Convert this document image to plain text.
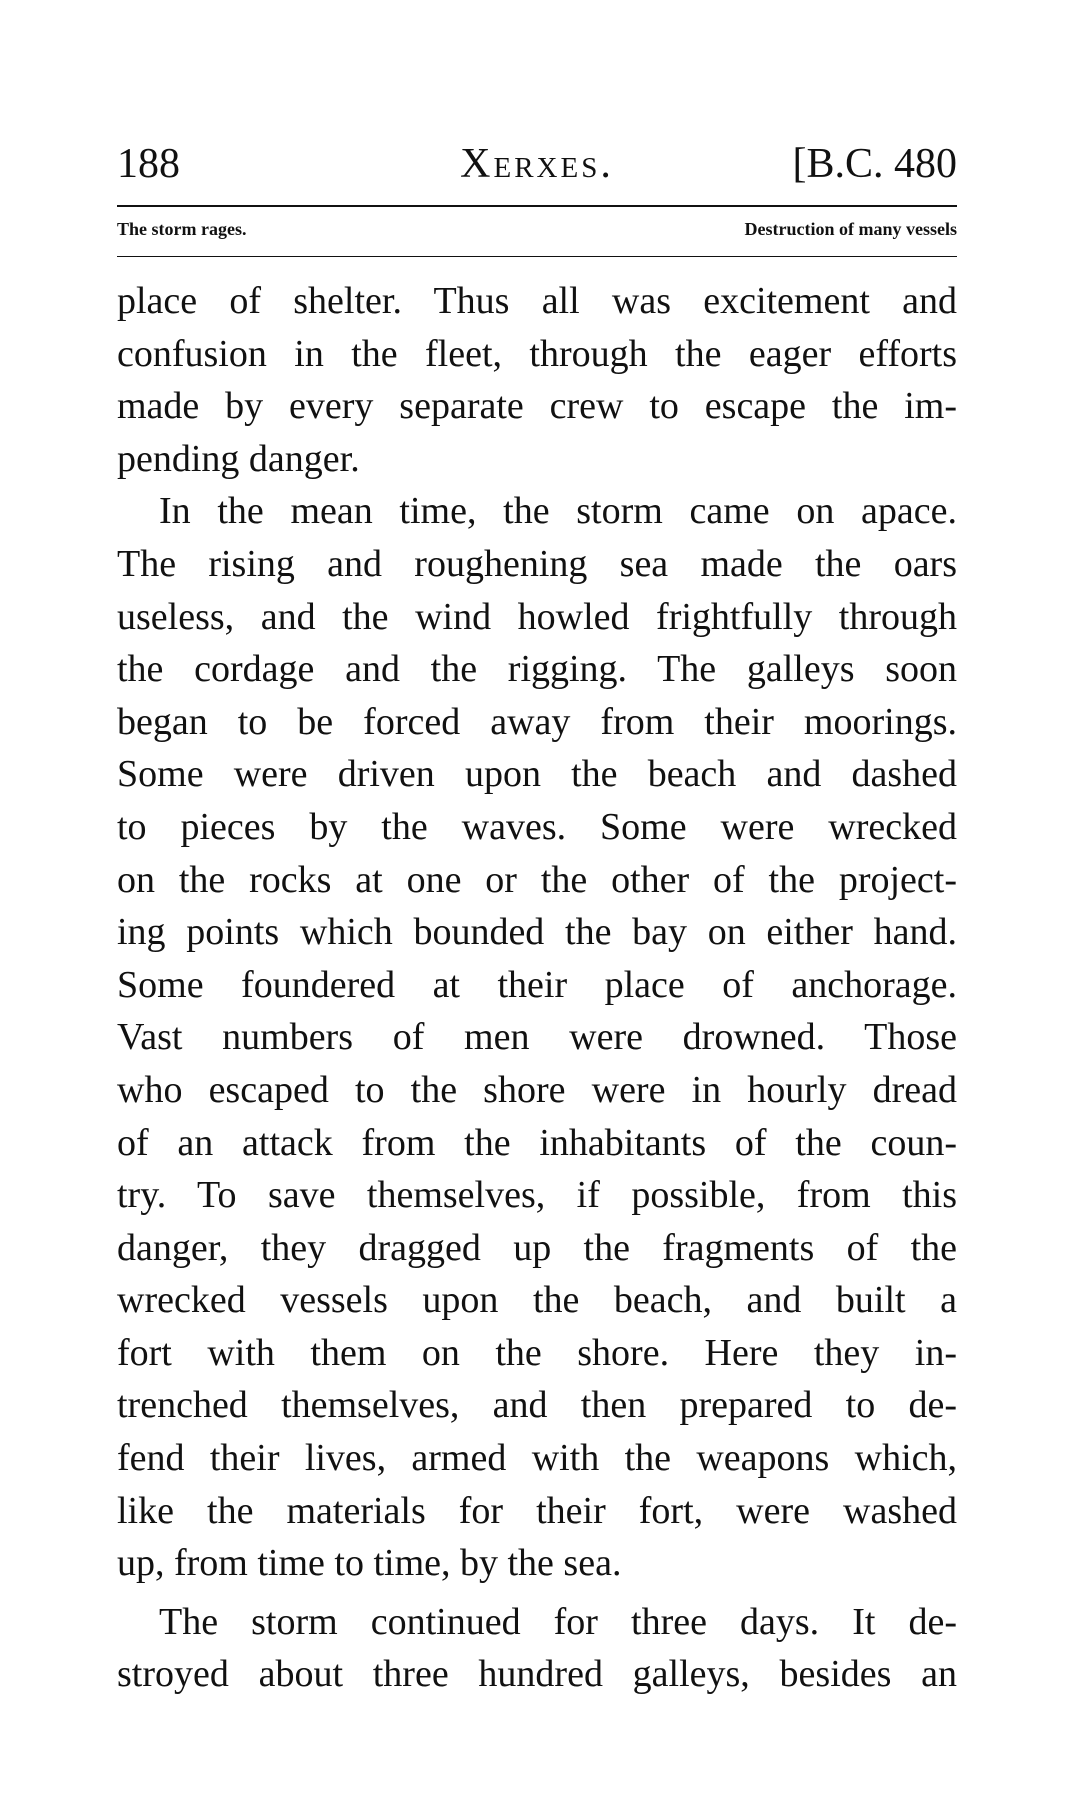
188	Xerxes.	[B.C. 480
The storm rages.	Destruction of many vessels
place of shelter. Thus all was excitement and
confusion in the fleet, through the eager efforts
made by every separate crew to escape the im-
pending danger.
In the mean time, the storm came on apace.
The rising and roughening sea made the oars
useless, and the wind howled frightfully through
the cordage and the rigging. The galleys soon
began to be forced away from their moorings.
Some were driven upon the beach and dashed
to pieces by the waves. Some were wrecked
on the rocks at one or the other of the project-
ing points which bounded the bay on either hand.
Some foundered at their place of anchorage.
Vast numbers of men were drowned. Those
who escaped to the shore were in hourly dread
of an attack from the inhabitants of the coun-
try. To save themselves, if possible, from this
danger, they dragged up the fragments of the
wrecked vessels upon the beach, and built a
fort with them on the shore. Here they in-
trenched themselves, and then prepared to de-
fend their lives, armed with the weapons which,
like the materials for their fort, were washed
up, from time to time, by the sea.
The storm continued for three days. It de-
stroyed about three hundred galleys, besides an
